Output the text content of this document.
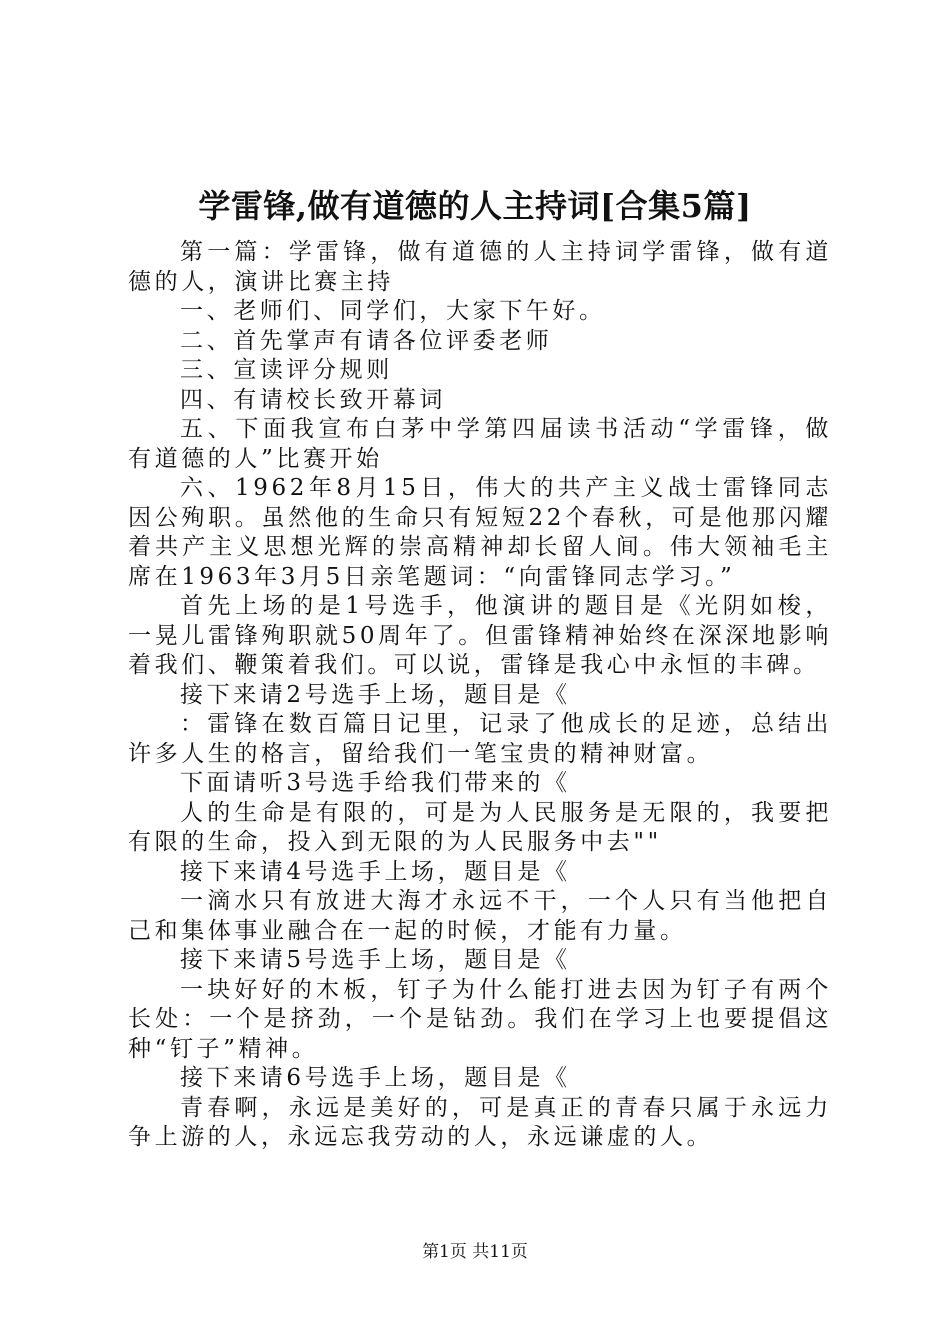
学雷锋,做有道德的人主持词[合集5篇]

第一篇：学雷锋，做有道德的人主持词学雷锋，做有道德的人，演讲比赛主持

一、老师们、同学们，大家下午好。

二、首先掌声有请各位评委老师

三、宣读评分规则

四、有请校长致开幕词

五、下面我宣布白茅中学第四届读书活动“学雷锋，做有道德的人”比赛开始

六、1962年8月15日，伟大的共产主义战士雷锋同志因公殉职。虽然他的生命只有短短22个春秋，可是他那闪耀着共产主义思想光辉的崇高精神却长留人间。伟大领袖毛主席在1963年3月5日亲笔题词：“向雷锋同志学习。”

首先上场的是1号选手，他演讲的题目是《光阴如梭，一晃儿雷锋殉职就50周年了。但雷锋精神始终在深深地影响着我们、鞭策着我们。可以说，雷锋是我心中永恒的丰碑。

接下来请2号选手上场，题目是《

：雷锋在数百篇日记里，记录了他成长的足迹，总结出许多人生的格言，留给我们一笔宝贵的精神财富。

下面请听3号选手给我们带来的《

人的生命是有限的，可是为人民服务是无限的，我要把有限的生命，投入到无限的为人民服务中去""

接下来请4号选手上场，题目是《

一滴水只有放进大海才永远不干，一个人只有当他把自己和集体事业融合在一起的时候，才能有力量。

接下来请5号选手上场，题目是《

一块好好的木板，钉子为什么能打进去因为钉子有两个长处：一个是挤劲，一个是钻劲。我们在学习上也要提倡这种“钉子”精神。

接下来请6号选手上场，题目是《

青春啊，永远是美好的，可是真正的青春只属于永远力争上游的人，永远忘我劳动的人，永远谦虚的人。

第1页 共11页
